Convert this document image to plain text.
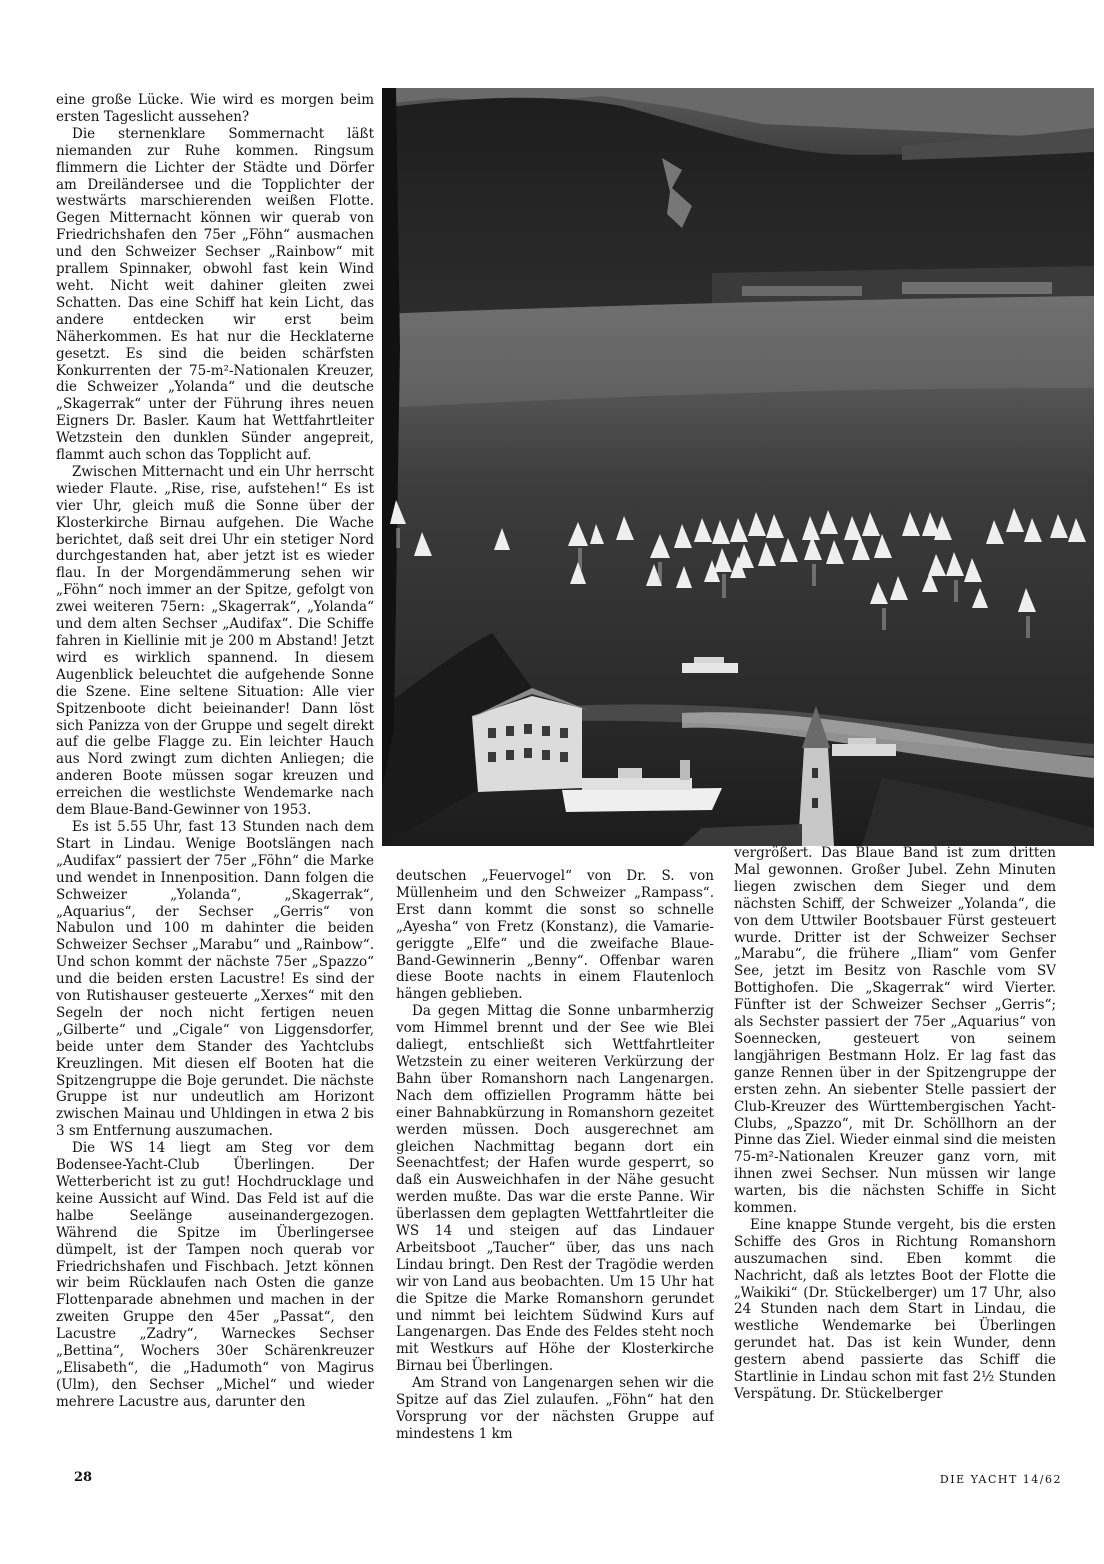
eine große Lücke. Wie wird es morgen beim ersten Tageslicht aussehen?

Die sternenklare Sommernacht läßt niemanden zur Ruhe kommen. Ringsum flimmern die Lichter der Städte und Dörfer am Dreiländersee und die Topplichter der westwärts marschierenden weißen Flotte. Gegen Mitternacht können wir querab von Friedrichshafen den 75er „Föhn“ ausmachen und den Schweizer Sechser „Rainbow“ mit prallem Spinnaker, obwohl fast kein Wind weht. Nicht weit dahiner gleiten zwei Schatten. Das eine Schiff hat kein Licht, das andere entdecken wir erst beim Näherkommen. Es hat nur die Hecklaterne gesetzt. Es sind die beiden schärfsten Konkurrenten der 75-m²-Nationalen Kreuzer, die Schweizer „Yolanda“ und die deutsche „Skagerrak“ unter der Führung ihres neuen Eigners Dr. Basler. Kaum hat Wettfahrtleiter Wetzstein den dunklen Sünder angepreit, flammt auch schon das Topplicht auf.

Zwischen Mitternacht und ein Uhr herrscht wieder Flaute. „Rise, rise, aufstehen!“ Es ist vier Uhr, gleich muß die Sonne über der Klosterkirche Birnau aufgehen. Die Wache berichtet, daß seit drei Uhr ein stetiger Nord durchgestanden hat, aber jetzt ist es wieder flau. In der Morgendämmerung sehen wir „Föhn“ noch immer an der Spitze, gefolgt von zwei weiteren 75ern: „Skagerrak“, „Yolanda“ und dem alten Sechser „Audifax“. Die Schiffe fahren in Kiellinie mit je 200 m Abstand! Jetzt wird es wirklich spannend. In diesem Augenblick beleuchtet die aufgehende Sonne die Szene. Eine seltene Situation: Alle vier Spitzenboote dicht beieinander! Dann löst sich Panizza von der Gruppe und segelt direkt auf die gelbe Flagge zu. Ein leichter Hauch aus Nord zwingt zum dichten Anliegen; die anderen Boote müssen sogar kreuzen und erreichen die westlichste Wendemarke nach dem Blaue-Band-Gewinner von 1953.

Es ist 5.55 Uhr, fast 13 Stunden nach dem Start in Lindau. Wenige Bootslängen nach „Audifax“ passiert der 75er „Föhn“ die Marke und wendet in Innenposition. Dann folgen die Schweizer „Yolanda“, „Skagerrak“, „Aquarius“, der Sechser „Gerris“ von Nabulon und 100 m dahinter die beiden Schweizer Sechser „Marabu“ und „Rainbow“. Und schon kommt der nächste 75er „Spazzo“ und die beiden ersten Lacustre! Es sind der von Rutishauser gesteuerte „Xerxes“ mit den Segeln der noch nicht fertigen neuen „Gilberte“ und „Cigale“ von Liggensdorfer, beide unter dem Stander des Yachtclubs Kreuzlingen. Mit diesen elf Booten hat die Spitzengruppe die Boje gerundet. Die nächste Gruppe ist nur undeutlich am Horizont zwischen Mainau und Uhldingen in etwa 2 bis 3 sm Entfernung auszumachen.

Die WS 14 liegt am Steg vor dem Bodensee-Yacht-Club Überlingen. Der Wetterbericht ist zu gut! Hochdrucklage und keine Aussicht auf Wind. Das Feld ist auf die halbe Seelänge auseinandergezogen. Während die Spitze im Überlingersee dümpelt, ist der Tampen noch querab vor Friedrichshafen und Fischbach. Jetzt können wir beim Rücklaufen nach Osten die ganze Flottenparade abnehmen und machen in der zweiten Gruppe den 45er „Passat“, den Lacustre „Zadry“, Warneckes Sechser „Bettina“, Wochers 30er Schärenkreuzer „Elisabeth“, die „Hadumoth“ von Magirus (Ulm), den Sechser „Michel“ und wieder mehrere Lacustre aus, darunter den

deutschen „Feuervogel“ von Dr. S. von Müllenheim und den Schweizer „Rampass“. Erst dann kommt die sonst so schnelle „Ayesha“ von Fretz (Konstanz), die Vamarie-geriggte „Elfe“ und die zweifache Blaue-Band-Gewinnerin „Benny“. Offenbar waren diese Boote nachts in einem Flautenloch hängen geblieben.

Da gegen Mittag die Sonne unbarmherzig vom Himmel brennt und der See wie Blei daliegt, entschließt sich Wettfahrtleiter Wetzstein zu einer weiteren Verkürzung der Bahn über Romanshorn nach Langenargen. Nach dem offiziellen Programm hätte bei einer Bahnabkürzung in Romanshorn gezeitet werden müssen. Doch ausgerechnet am gleichen Nachmittag begann dort ein Seenachtfest; der Hafen wurde gesperrt, so daß ein Ausweichhafen in der Nähe gesucht werden mußte. Das war die erste Panne. Wir überlassen dem geplagten Wettfahrtleiter die WS 14 und steigen auf das Lindauer Arbeitsboot „Taucher“ über, das uns nach Lindau bringt. Den Rest der Tragödie werden wir von Land aus beobachten. Um 15 Uhr hat die Spitze die Marke Romanshorn gerundet und nimmt bei leichtem Südwind Kurs auf Langenargen. Das Ende des Feldes steht noch mit Westkurs auf Höhe der Klosterkirche Birnau bei Überlingen.

Am Strand von Langenargen sehen wir die Spitze auf das Ziel zulaufen. „Föhn“ hat den Vorsprung vor der nächsten Gruppe auf mindestens 1 km

vergrößert. Das Blaue Band ist zum dritten Mal gewonnen. Großer Jubel. Zehn Minuten liegen zwischen dem Sieger und dem nächsten Schiff, der Schweizer „Yolanda“, die von dem Uttwiler Bootsbauer Fürst gesteuert wurde. Dritter ist der Schweizer Sechser „Marabu“, die frühere „Iliam“ vom Genfer See, jetzt im Besitz von Raschle vom SV Bottighofen. Die „Skagerrak“ wird Vierter. Fünfter ist der Schweizer Sechser „Gerris“; als Sechster passiert der 75er „Aquarius“ von Soennecken, gesteuert von seinem langjährigen Bestmann Holz. Er lag fast das ganze Rennen über in der Spitzengruppe der ersten zehn. An siebenter Stelle passiert der Club-Kreuzer des Württembergischen Yacht-Clubs, „Spazzo“, mit Dr. Schöllhorn an der Pinne das Ziel. Wieder einmal sind die meisten 75-m²-Nationalen Kreuzer ganz vorn, mit ihnen zwei Sechser. Nun müssen wir lange warten, bis die nächsten Schiffe in Sicht kommen.

Eine knappe Stunde vergeht, bis die ersten Schiffe des Gros in Richtung Romanshorn auszumachen sind. Eben kommt die Nachricht, daß als letztes Boot der Flotte die „Waikiki“ (Dr. Stückelberger) um 17 Uhr, also 24 Stunden nach dem Start in Lindau, die westliche Wendemarke bei Überlingen gerundet hat. Das ist kein Wunder, denn gestern abend passierte das Schiff die Startlinie in Lindau schon mit fast 2½ Stunden Verspätung. Dr. Stückelberger

28	DIE YACHT 14/62
